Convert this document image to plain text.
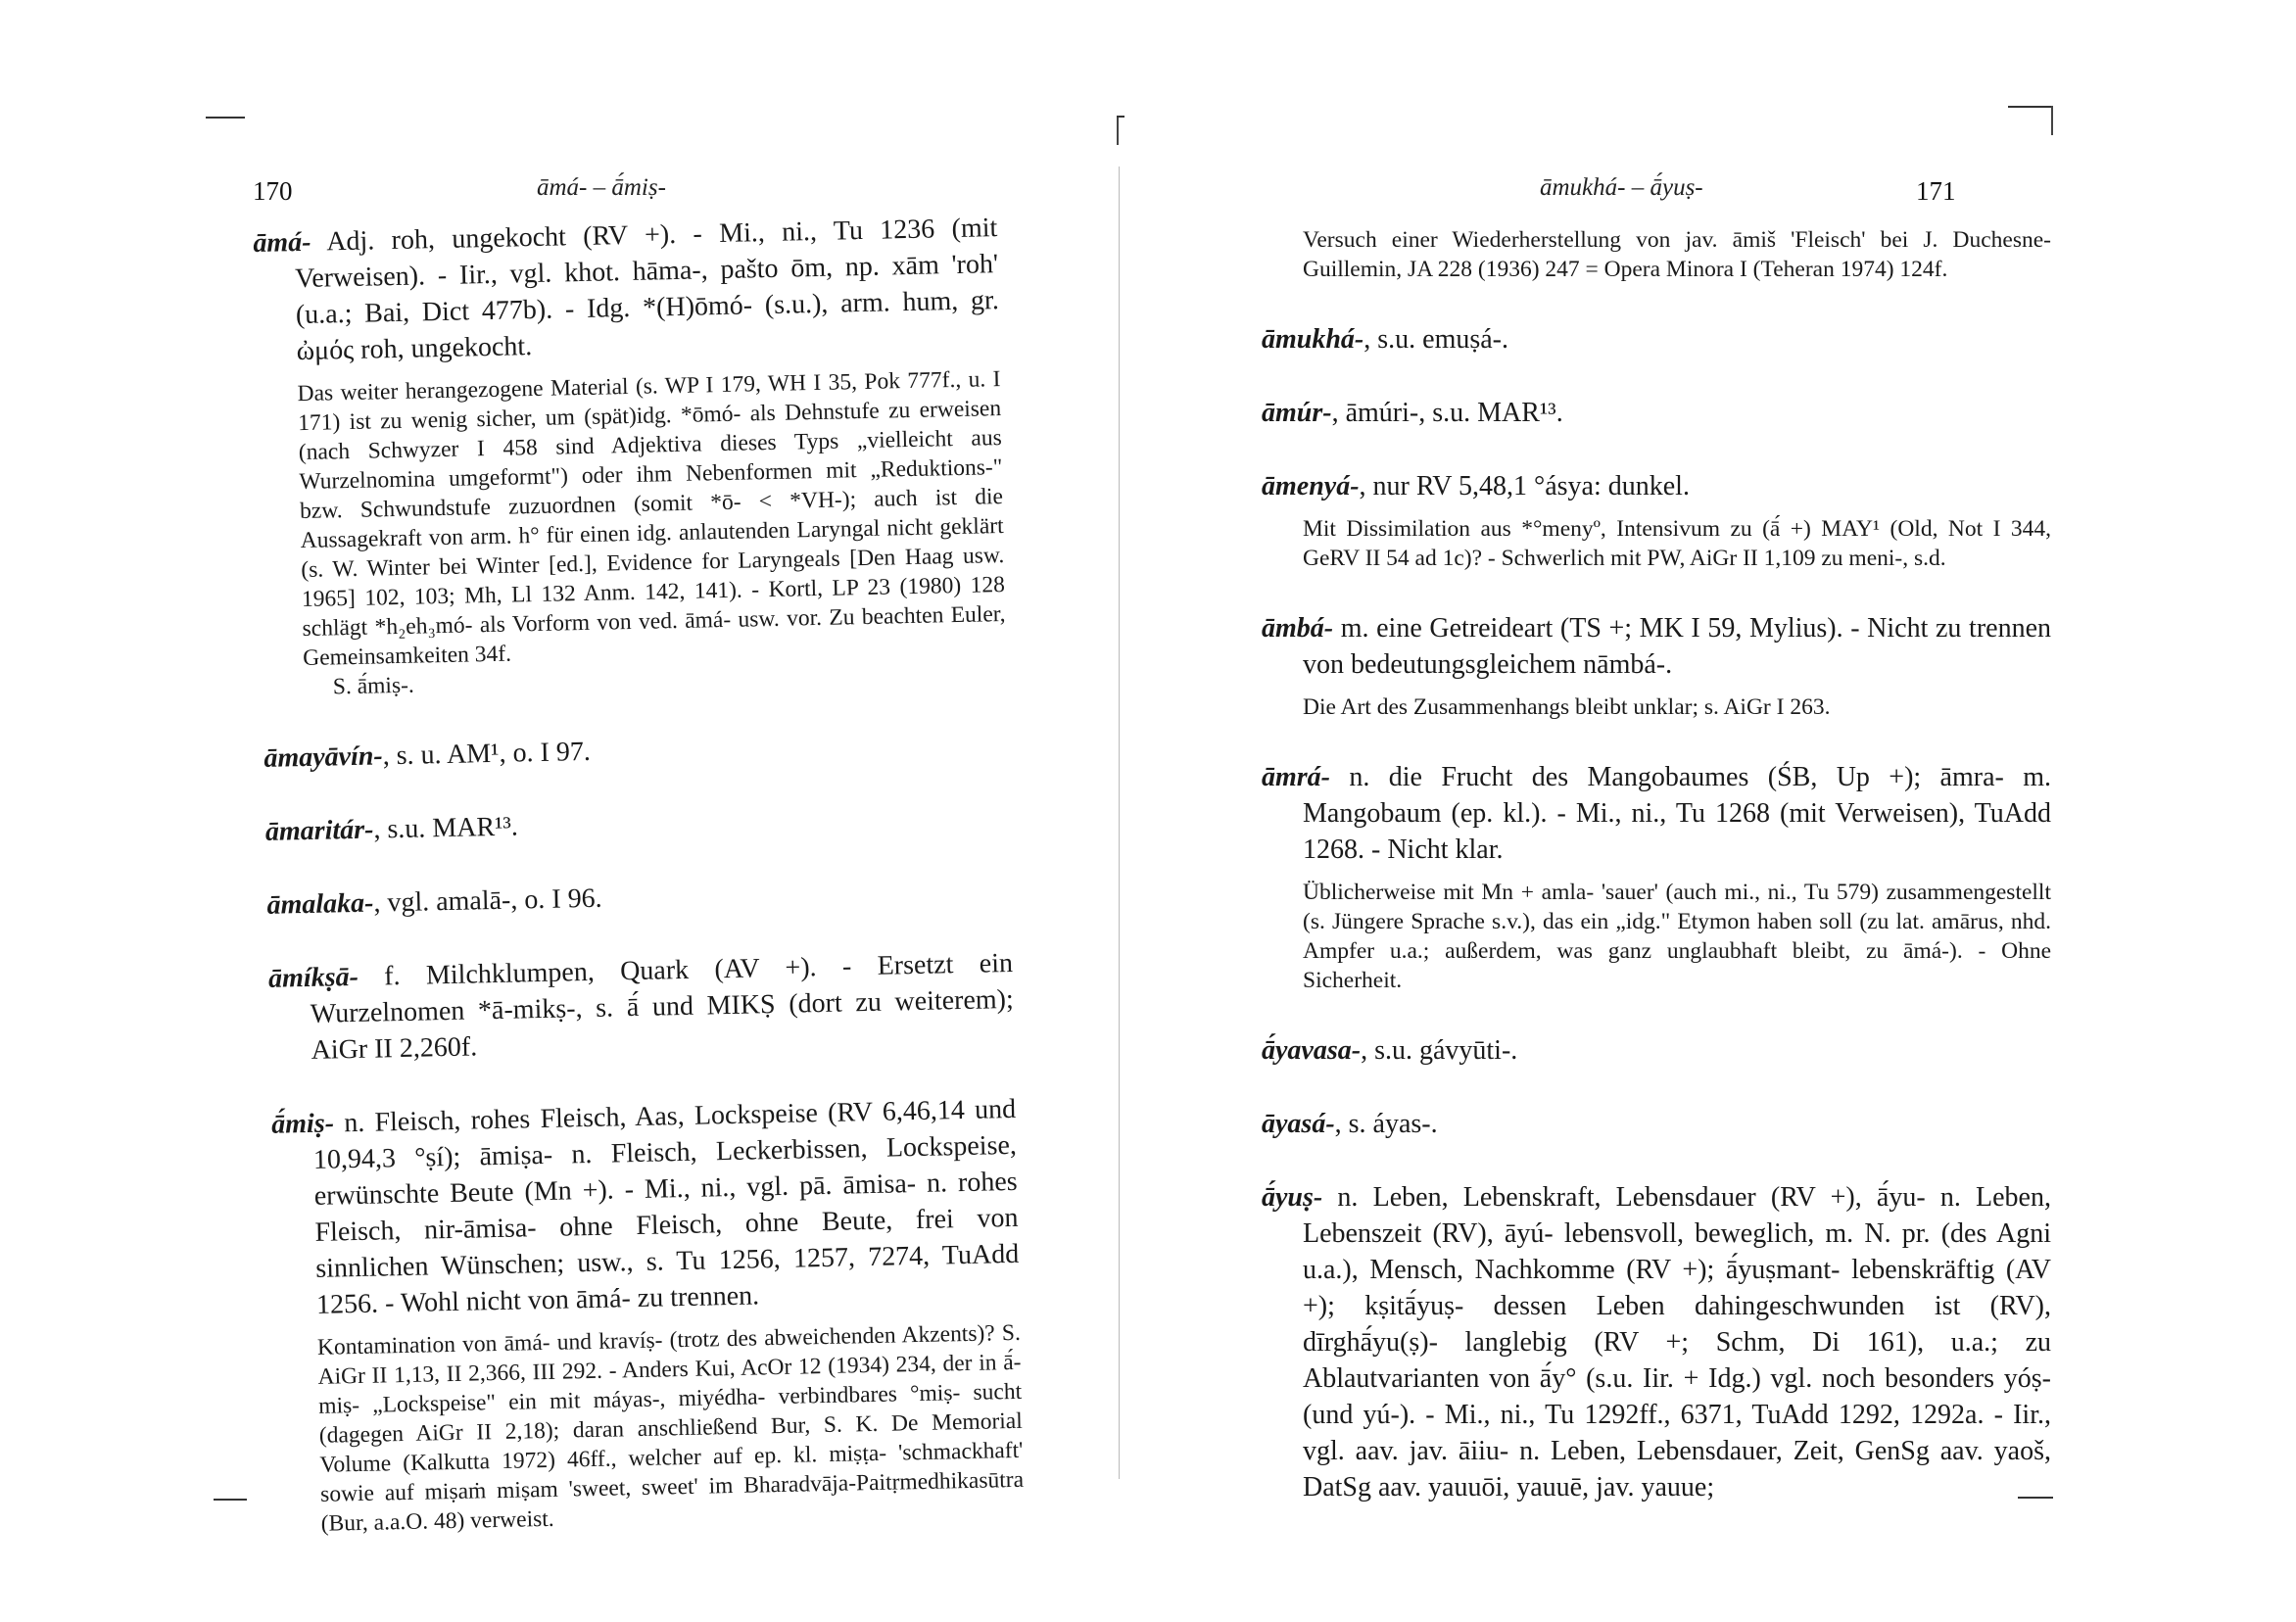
170	āmá- – ā́miṣ-
āmá- Adj. roh, ungekocht (RV +). - Mi., ni., Tu 1236 (mit Verweisen). - Iir., vgl. khot. hāma-, pašto ōm, np. xām 'roh' (u.a.; Bai, Dict 477b). - Idg. *(H)ōmó- (s.u.), arm. hum, gr. ὠμός roh, ungekocht.

Das weiter herangezogene Material (s. WP I 179, WH I 35, Pok 777f., u. I 171) ist zu wenig sicher, um (spät)idg. *ōmó- als Dehnstufe zu erweisen (nach Schwyzer I 458 sind Adjektiva dieses Typs „vielleicht aus Wurzelnomina umgeformt") oder ihm Nebenformen mit „Reduktions-" bzw. Schwundstufe zuzuordnen (somit *ō- < *VH-); auch ist die Aussagekraft von arm. h° für einen idg. anlautenden Laryngal nicht geklärt (s. W. Winter bei Winter [ed.], Evidence for Laryngeals [Den Haag usw. 1965] 102, 103; Mh, Ll 132 Anm. 142, 141). - Kortl, LP 23 (1980) 128 schlägt *h₂eh₃mó- als Vorform von ved. āmá- usw. vor. Zu beachten Euler, Gemeinsamkeiten 34f.

S. ā́miṣ-.

āmayāvín-, s. u. AM¹, o. I 97.
āmaritár-, s.u. MAR¹³.
āmalaka-, vgl. amalā-, o. I 96.
āmíkṣā- f. Milchklumpen, Quark (AV +). - Ersetzt ein Wurzelnomen *ā-mikṣ-, s. ā́ und MIKṢ (dort zu weiterem); AiGr II 2,260f.
ā́miṣ- n. Fleisch, rohes Fleisch, Aas, Lockspeise (RV 6,46,14 und 10,94,3 °ṣí); āmiṣa- n. Fleisch, Leckerbissen, Lockspeise, erwünschte Beute (Mn +). - Mi., ni., vgl. pā. āmisa- n. rohes Fleisch, nir-āmisa- ohne Fleisch, ohne Beute, frei von sinnlichen Wünschen; usw., s. Tu 1256, 1257, 7274, TuAdd 1256. - Wohl nicht von āmá- zu trennen.

Kontamination von āmá- und kravíṣ- (trotz des abweichenden Akzents)? S. AiGr II 1,13, II 2,366, III 292. - Anders Kui, AcOr 12 (1934) 234, der in ā́-miṣ- „Lockspeise" ein mit máyas-, miyédha- verbindbares °miṣ- sucht (dagegen AiGr II 2,18); daran anschließend Bur, S. K. De Memorial Volume (Kalkutta 1972) 46ff., welcher auf ep. kl. miṣṭa- 'schmackhaft' sowie auf miṣaṁ miṣam 'sweet, sweet' im Bharadvāja-Paitṛmedhikasūtra (Bur, a.a.O. 48) verweist.

āmukhá- – ā́yuṣ-	171
Versuch einer Wiederherstellung von jav. āmiš 'Fleisch' bei J. Duchesne-Guillemin, JA 228 (1936) 247 = Opera Minora I (Teheran 1974) 124f.
āmukhá-, s.u. emuṣá-.
āmúr-, āmúri-, s.u. MAR¹³.
āmenyá-, nur RV 5,48,1 °ásya: dunkel.

Mit Dissimilation aus *°menyº, Intensivum zu (ā́ +) MAY¹ (Old, Not I 344, GeRV II 54 ad 1c)? - Schwerlich mit PW, AiGr II 1,109 zu meni-, s.d.

āmbá- m. eine Getreideart (TS +; MK I 59, Mylius). - Nicht zu trennen von bedeutungsgleichem nāmbá-.

Die Art des Zusammenhangs bleibt unklar; s. AiGr I 263.

āmrá- n. die Frucht des Mangobaumes (ŚB, Up +); āmra- m. Mangobaum (ep. kl.). - Mi., ni., Tu 1268 (mit Verweisen), TuAdd 1268. - Nicht klar.

Üblicherweise mit Mn + amla- 'sauer' (auch mi., ni., Tu 579) zusammengestellt (s. Jüngere Sprache s.v.), das ein „idg." Etymon haben soll (zu lat. amārus, nhd. Ampfer u.a.; außerdem, was ganz unglaubhaft bleibt, zu āmá-). - Ohne Sicherheit.

ā́yavasa-, s.u. gávyūti-.
āyasá-, s. áyas-.
ā́yuṣ- n. Leben, Lebenskraft, Lebensdauer (RV +), ā́yu- n. Leben, Lebenszeit (RV), āyú- lebensvoll, beweglich, m. N. pr. (des Agni u.a.), Mensch, Nachkomme (RV +); ā́yuṣmant- lebenskräftig (AV +); kṣitā́yuṣ- dessen Leben dahingeschwunden ist (RV), dīrghā́yu(ṣ)- langlebig (RV +; Schm, Di 161), u.a.; zu Ablautvarianten von ā́y° (s.u. Iir. + Idg.) vgl. noch besonders yóṣ- (und yú-). - Mi., ni., Tu 1292ff., 6371, TuAdd 1292, 1292a. - Iir., vgl. aav. jav. āiiu- n. Leben, Lebensdauer, Zeit, GenSg aav. yaoš, DatSg aav. yauuōi, yauuē, jav. yauue;
